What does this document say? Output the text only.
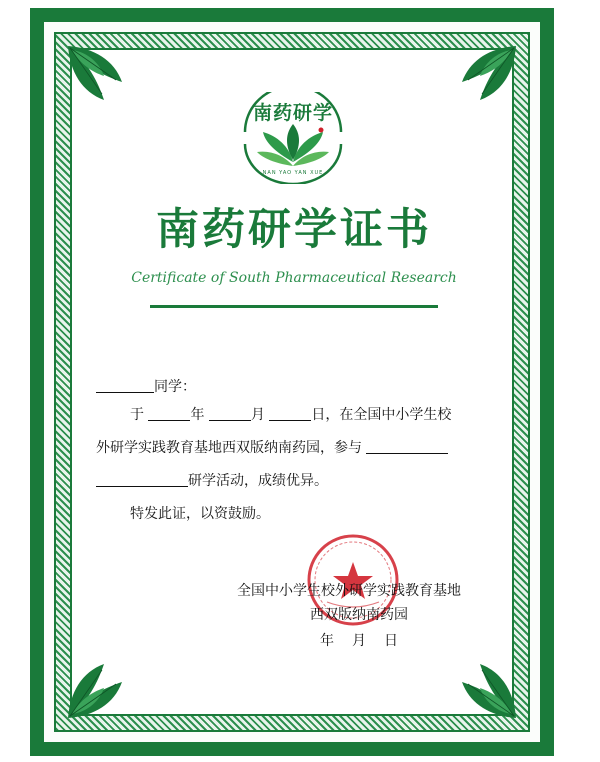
南药研学
NAN YAO YAN XUE
南药研学证书
Certificate of South Pharmaceutical Research
同学：
于	年	月	日，在全国中小学生校
外研学实践教育基地西双版纳南药园，参与
研学活动，成绩优异。
特发此证，以资鼓励。
全国中小学生校外研学实践教育基地
西双版纳南药园
年　月　日
